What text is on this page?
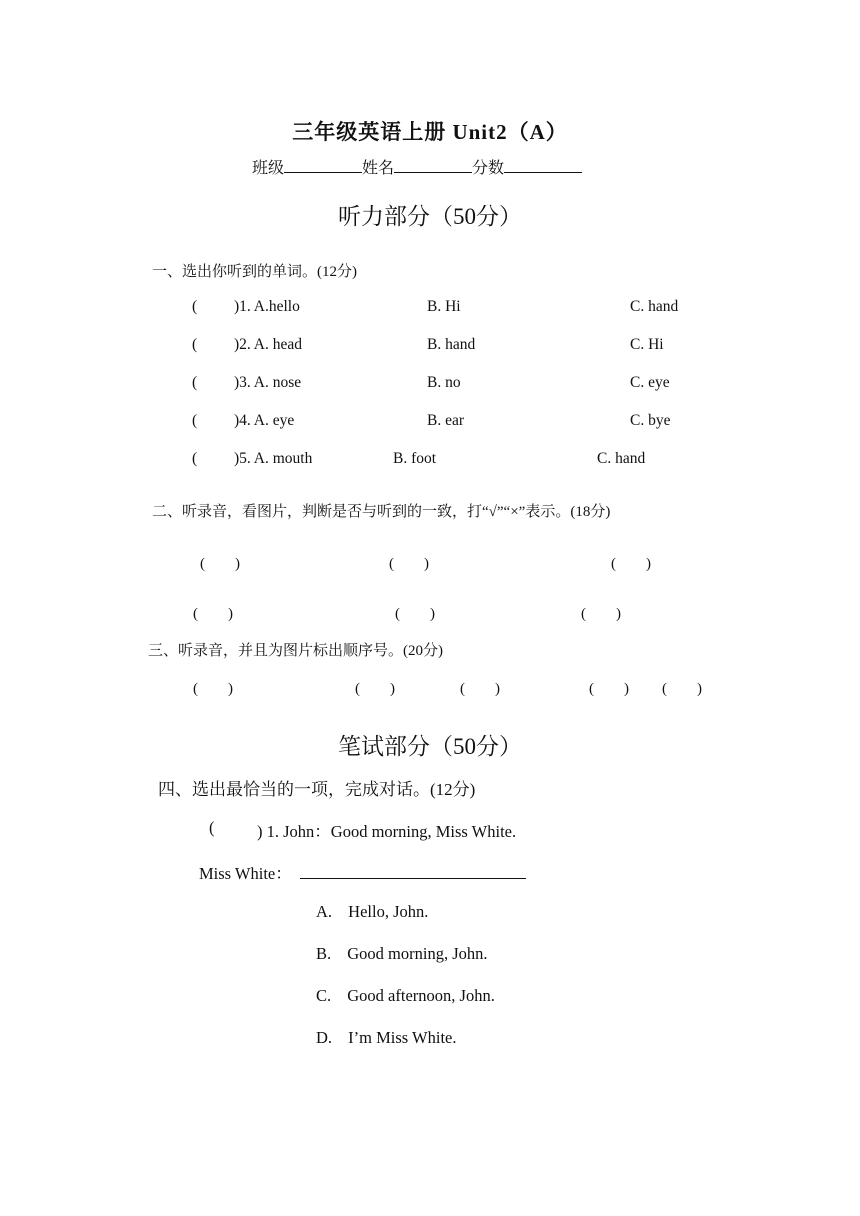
三年级英语上册 Unit2（A）
班级	姓名	分数
听力部分（50分）
一、选出你听到的单词。(12分)
( )1. A.hello	B. Hi	C. hand
( )2. A. head	B. hand	C. Hi
( )3. A. nose	B. no	C. eye
( )4. A. eye	B. ear	C. bye
( )5. A. mouth	B. foot	C. hand
二、听录音，看图片，判断是否与听到的一致，打“√”“×”表示。(18分)
(　　)	(　　)	(　　)
(　　)	(　　)	(　　)
三、听录音，并且为图片标出顺序号。(20分)
(　　)	(　　)	(　　)	(　　) (　　)
笔试部分（50分）
四、选出最恰当的一项，完成对话。(12分)
(	) 1. John：Good morning, Miss White.
Miss White：
A. Hello, John.
B. Good morning, John.
C. Good afternoon, John.
D. I’m Miss White.
